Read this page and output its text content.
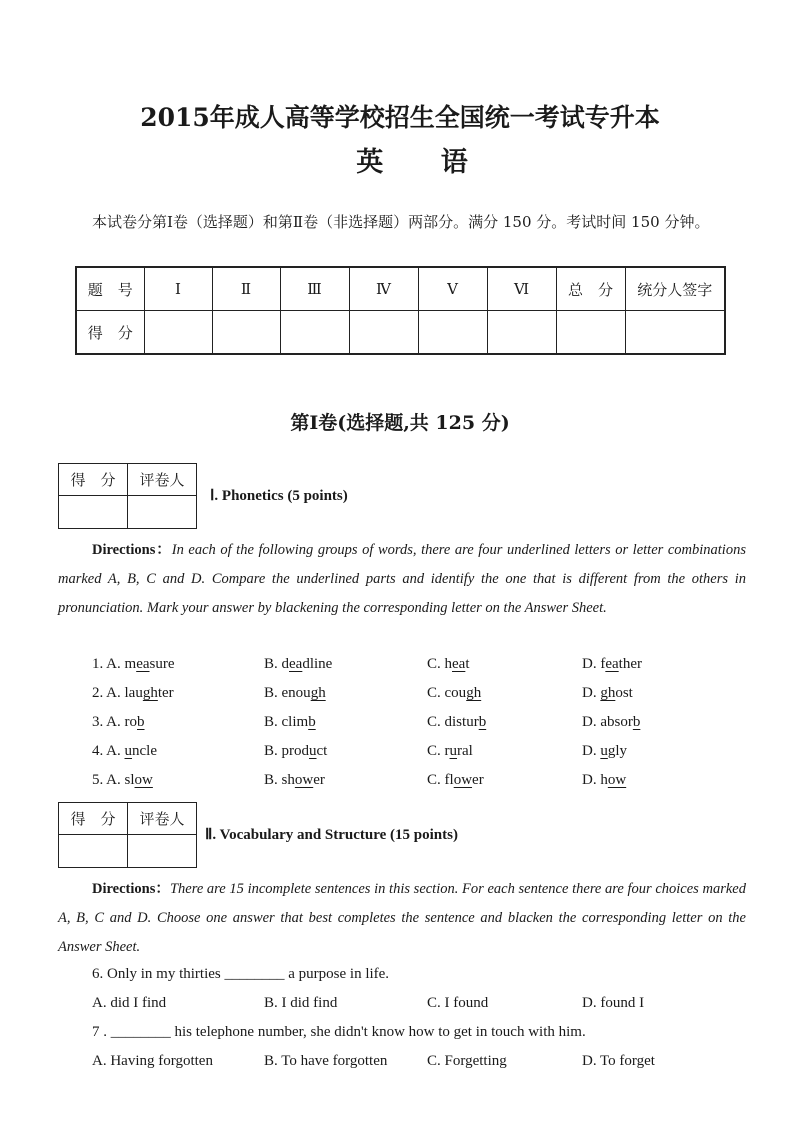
2015年成人高等学校招生全国统一考试专升本
英 语
本试卷分第Ⅰ卷（选择题）和第Ⅱ卷（非选择题）两部分。满分 150 分。考试时间 150 分钟。
题　号	Ⅰ	Ⅱ	Ⅲ	Ⅳ	Ⅴ	Ⅵ	总　分	统分人签字
得　分								
第Ⅰ卷(选择题,共 125 分)
得　分	评卷人

Ⅰ. Phonetics (5 points)
Directions：In each of the following groups of words, there are four underlined letters or letter combinations marked A, B, C and D. Compare the underlined parts and identify the one that is different from the others in pronunciation. Mark your answer by blackening the corresponding letter on the Answer Sheet.
1. A. measure	B. deadline	C. heat	D. feather
2. A. laughter	B. enough	C. cough	D. ghost
3. A. rob	B. climb	C. disturb	D. absorb
4. A. uncle	B. product	C. rural	D. ugly
5. A. slow	B. shower	C. flower	D. how
得　分	评卷人

Ⅱ. Vocabulary and Structure (15 points)
Directions：There are 15 incomplete sentences in this section. For each sentence there are four choices marked A, B, C and D. Choose one answer that best completes the sentence and blacken the corresponding letter on the Answer Sheet.
6. Only in my thirties ________ a purpose in life.
A. did I find	B. I did find	C. I found	D. found I
7 . ________ his telephone number, she didn't know how to get in touch with him.
A. Having forgotten	B. To have forgotten	C. Forgetting	D. To forget
